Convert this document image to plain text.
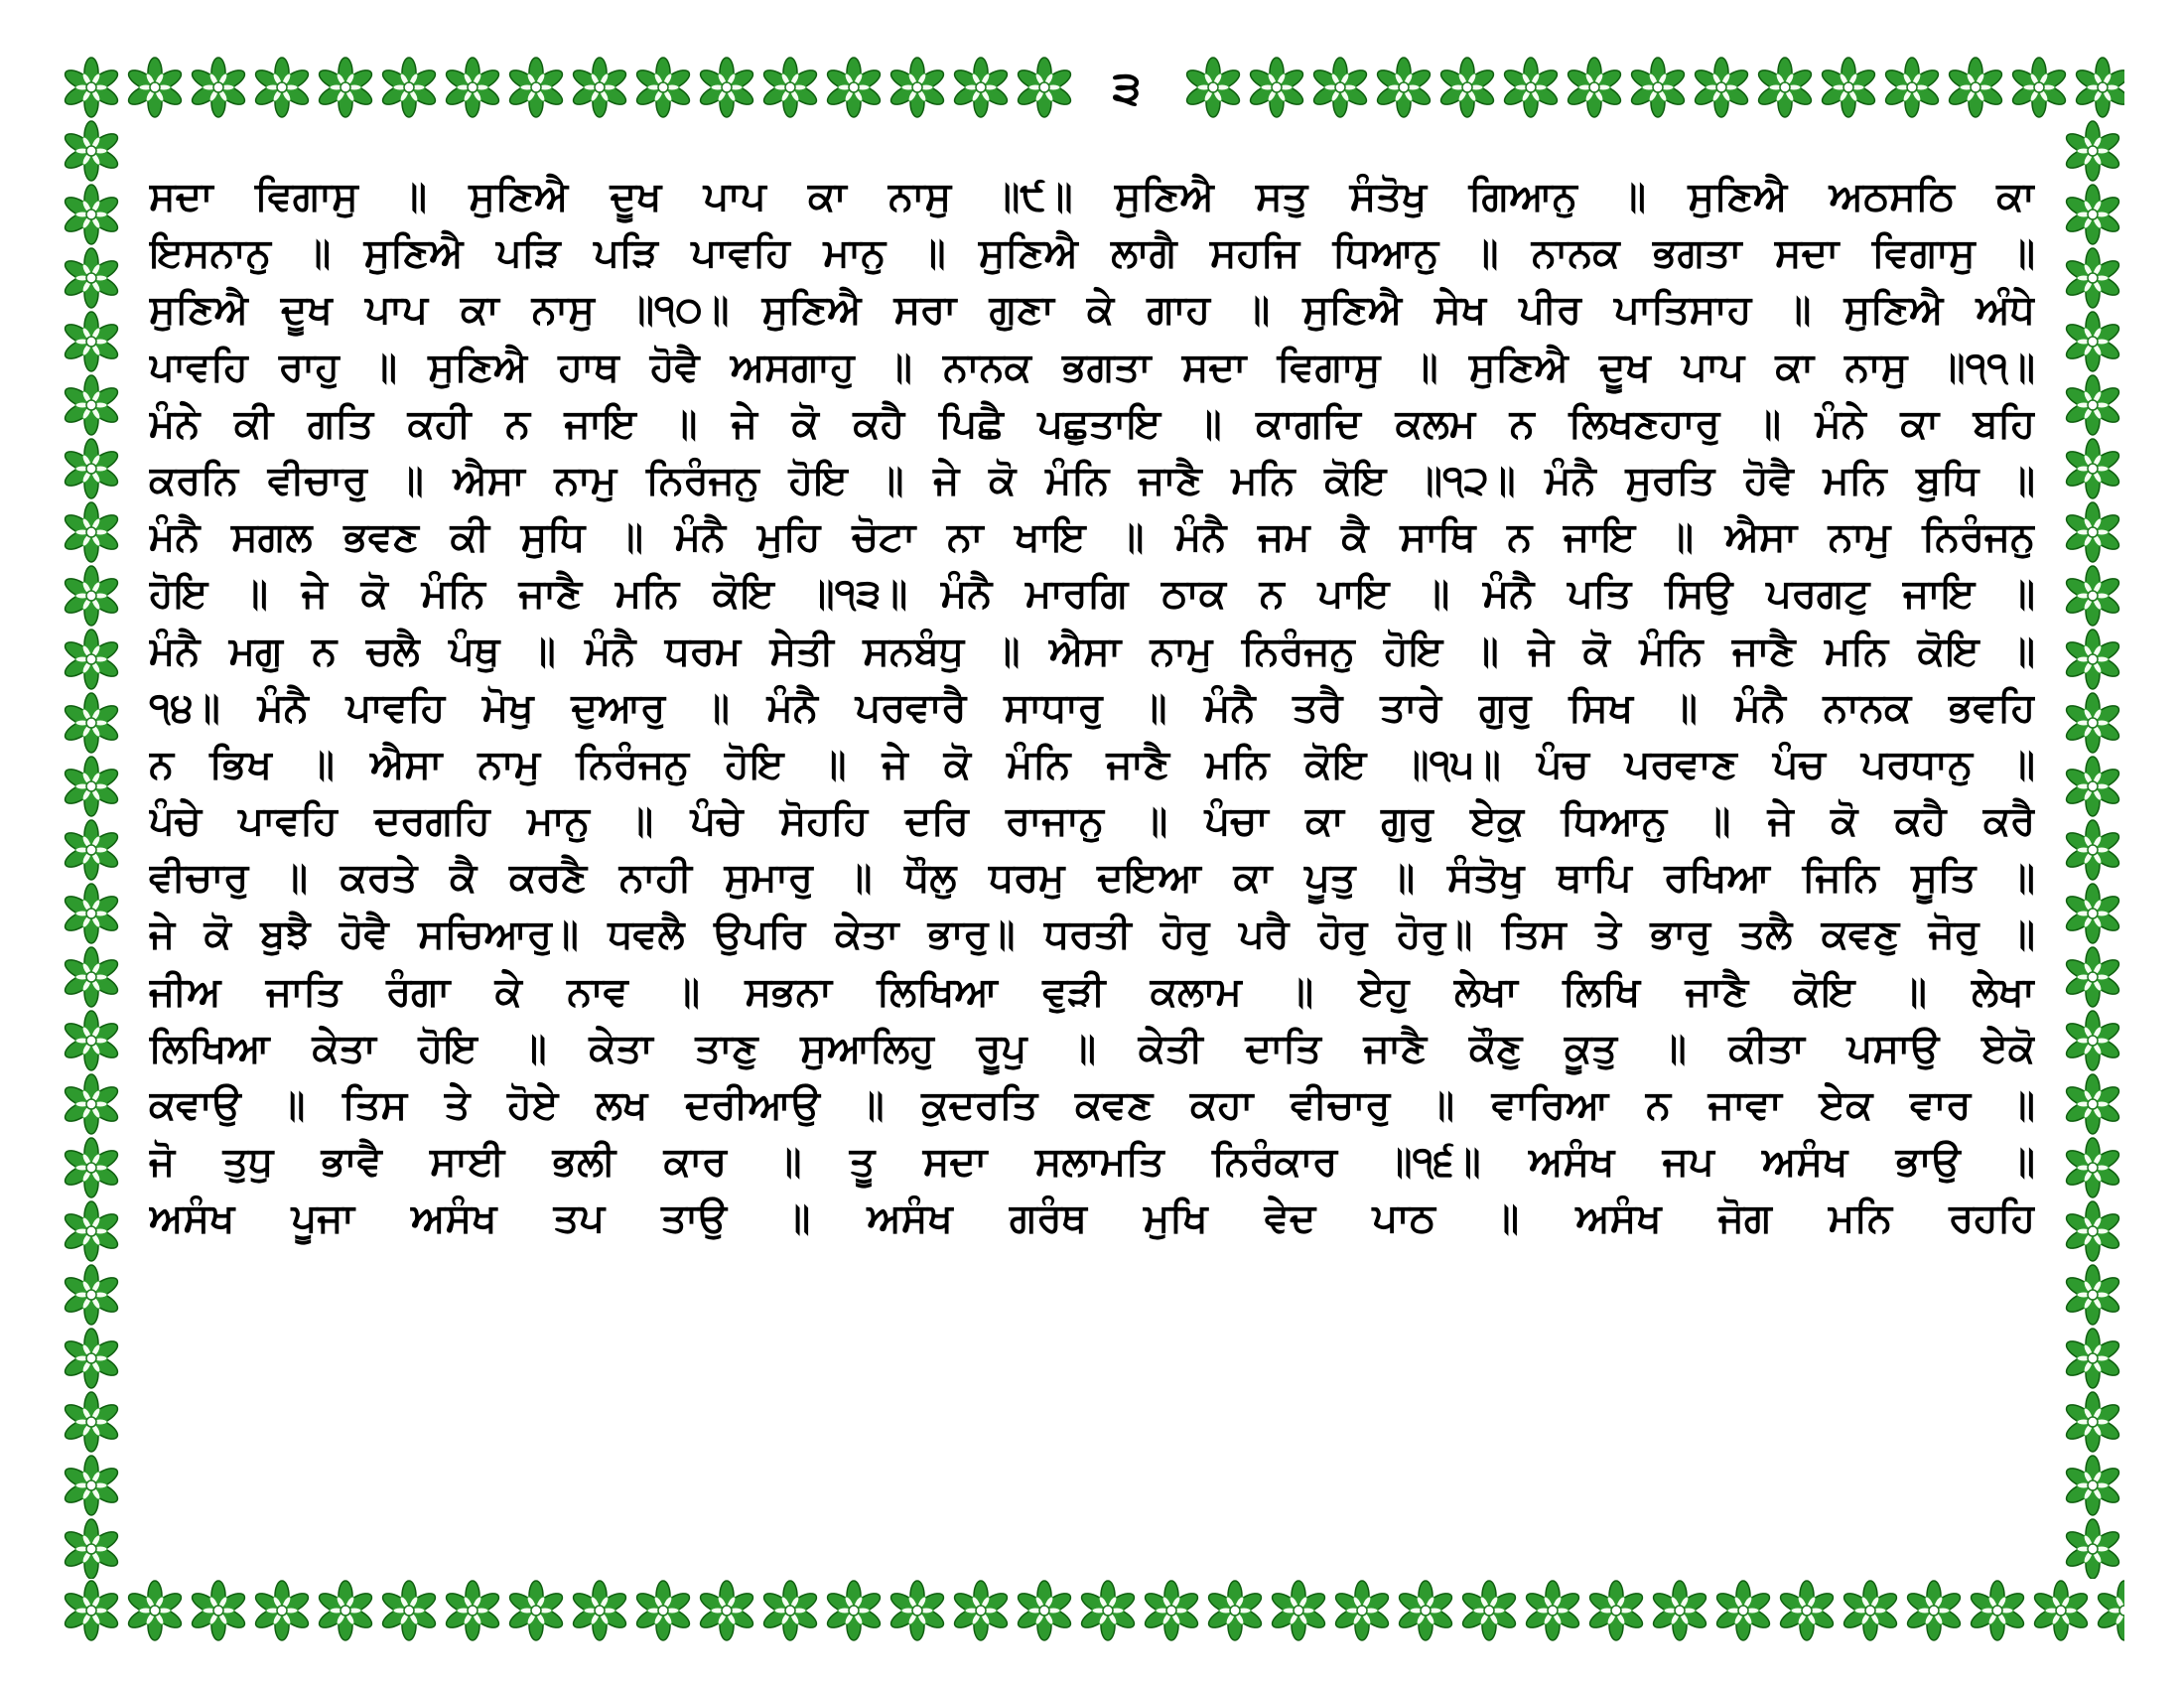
੩
ਸਦਾ ਵਿਗਾਸੁ ॥ ਸੁਣਿਐ ਦੂਖ ਪਾਪ ਕਾ ਨਾਸੁ ॥੯॥ ਸੁਣਿਐ ਸਤੁ ਸੰਤੋਖੁ ਗਿਆਨੁ ॥ ਸੁਣਿਐ ਅਠਸਠਿ ਕਾ
ਇਸਨਾਨੁ ॥ ਸੁਣਿਐ ਪੜਿ ਪੜਿ ਪਾਵਹਿ ਮਾਨੁ ॥ ਸੁਣਿਐ ਲਾਗੈ ਸਹਜਿ ਧਿਆਨੁ ॥ ਨਾਨਕ ਭਗਤਾ ਸਦਾ ਵਿਗਾਸੁ ॥
ਸੁਣਿਐ ਦੂਖ ਪਾਪ ਕਾ ਨਾਸੁ ॥੧੦॥ ਸੁਣਿਐ ਸਰਾ ਗੁਣਾ ਕੇ ਗਾਹ ॥ ਸੁਣਿਐ ਸੇਖ ਪੀਰ ਪਾਤਿਸਾਹ ॥ ਸੁਣਿਐ ਅੰਧੇ
ਪਾਵਹਿ ਰਾਹੁ ॥ ਸੁਣਿਐ ਹਾਥ ਹੋਵੈ ਅਸਗਾਹੁ ॥ ਨਾਨਕ ਭਗਤਾ ਸਦਾ ਵਿਗਾਸੁ ॥ ਸੁਣਿਐ ਦੂਖ ਪਾਪ ਕਾ ਨਾਸੁ ॥੧੧॥
ਮੰਨੇ ਕੀ ਗਤਿ ਕਹੀ ਨ ਜਾਇ ॥ ਜੇ ਕੋ ਕਹੈ ਪਿਛੈ ਪਛੁਤਾਇ ॥ ਕਾਗਦਿ ਕਲਮ ਨ ਲਿਖਣਹਾਰੁ ॥ ਮੰਨੇ ਕਾ ਬਹਿ
ਕਰਨਿ ਵੀਚਾਰੁ ॥ ਐਸਾ ਨਾਮੁ ਨਿਰੰਜਨੁ ਹੋਇ ॥ ਜੇ ਕੋ ਮੰਨਿ ਜਾਣੈ ਮਨਿ ਕੋਇ ॥੧੨॥ ਮੰਨੈ ਸੁਰਤਿ ਹੋਵੈ ਮਨਿ ਬੁਧਿ ॥
ਮੰਨੈ ਸਗਲ ਭਵਣ ਕੀ ਸੁਧਿ ॥ ਮੰਨੈ ਮੁਹਿ ਚੋਟਾ ਨਾ ਖਾਇ ॥ ਮੰਨੈ ਜਮ ਕੈ ਸਾਥਿ ਨ ਜਾਇ ॥ ਐਸਾ ਨਾਮੁ ਨਿਰੰਜਨੁ
ਹੋਇ ॥ ਜੇ ਕੋ ਮੰਨਿ ਜਾਣੈ ਮਨਿ ਕੋਇ ॥੧੩॥ ਮੰਨੈ ਮਾਰਗਿ ਠਾਕ ਨ ਪਾਇ ॥ ਮੰਨੈ ਪਤਿ ਸਿਉ ਪਰਗਟੁ ਜਾਇ ॥
ਮੰਨੈ ਮਗੁ ਨ ਚਲੈ ਪੰਥੁ ॥ ਮੰਨੈ ਧਰਮ ਸੇਤੀ ਸਨਬੰਧੁ ॥ ਐਸਾ ਨਾਮੁ ਨਿਰੰਜਨੁ ਹੋਇ ॥ ਜੇ ਕੋ ਮੰਨਿ ਜਾਣੈ ਮਨਿ ਕੋਇ ॥
੧੪॥ ਮੰਨੈ ਪਾਵਹਿ ਮੋਖੁ ਦੁਆਰੁ ॥ ਮੰਨੈ ਪਰਵਾਰੈ ਸਾਧਾਰੁ ॥ ਮੰਨੈ ਤਰੈ ਤਾਰੇ ਗੁਰੁ ਸਿਖ ॥ ਮੰਨੈ ਨਾਨਕ ਭਵਹਿ
ਨ ਭਿਖ ॥ ਐਸਾ ਨਾਮੁ ਨਿਰੰਜਨੁ ਹੋਇ ॥ ਜੇ ਕੋ ਮੰਨਿ ਜਾਣੈ ਮਨਿ ਕੋਇ ॥੧੫॥ ਪੰਚ ਪਰਵਾਣ ਪੰਚ ਪਰਧਾਨੁ ॥
ਪੰਚੇ ਪਾਵਹਿ ਦਰਗਹਿ ਮਾਨੁ ॥ ਪੰਚੇ ਸੋਹਹਿ ਦਰਿ ਰਾਜਾਨੁ ॥ ਪੰਚਾ ਕਾ ਗੁਰੁ ਏਕੁ ਧਿਆਨੁ ॥ ਜੇ ਕੋ ਕਹੈ ਕਰੈ
ਵੀਚਾਰੁ ॥ ਕਰਤੇ ਕੈ ਕਰਣੈ ਨਾਹੀ ਸੁਮਾਰੁ ॥ ਧੌਲੁ ਧਰਮੁ ਦਇਆ ਕਾ ਪੂਤੁ ॥ ਸੰਤੋਖੁ ਥਾਪਿ ਰਖਿਆ ਜਿਨਿ ਸੂਤਿ ॥
ਜੇ ਕੋ ਬੁਝੈ ਹੋਵੈ ਸਚਿਆਰੁ॥ ਧਵਲੈ ਉਪਰਿ ਕੇਤਾ ਭਾਰੁ॥ ਧਰਤੀ ਹੋਰੁ ਪਰੈ ਹੋਰੁ ਹੋਰੁ॥ ਤਿਸ ਤੇ ਭਾਰੁ ਤਲੈ ਕਵਣੁ ਜੋਰੁ ॥
ਜੀਅ ਜਾਤਿ ਰੰਗਾ ਕੇ ਨਾਵ ॥ ਸਭਨਾ ਲਿਖਿਆ ਵੁੜੀ ਕਲਾਮ ॥ ਏਹੁ ਲੇਖਾ ਲਿਖਿ ਜਾਣੈ ਕੋਇ ॥ ਲੇਖਾ
ਲਿਖਿਆ ਕੇਤਾ ਹੋਇ ॥ ਕੇਤਾ ਤਾਣੁ ਸੁਆਲਿਹੁ ਰੂਪੁ ॥ ਕੇਤੀ ਦਾਤਿ ਜਾਣੈ ਕੌਣੁ ਕੂਤੁ ॥ ਕੀਤਾ ਪਸਾਉ ਏਕੋ
ਕਵਾਉ ॥ ਤਿਸ ਤੇ ਹੋਏ ਲਖ ਦਰੀਆਉ ॥ ਕੁਦਰਤਿ ਕਵਣ ਕਹਾ ਵੀਚਾਰੁ ॥ ਵਾਰਿਆ ਨ ਜਾਵਾ ਏਕ ਵਾਰ ॥
ਜੋ ਤੁਧੁ ਭਾਵੈ ਸਾਈ ਭਲੀ ਕਾਰ ॥ ਤੂ ਸਦਾ ਸਲਾਮਤਿ ਨਿਰੰਕਾਰ ॥੧੬॥ ਅਸੰਖ ਜਪ ਅਸੰਖ ਭਾਉ ॥
ਅਸੰਖ ਪੂਜਾ ਅਸੰਖ ਤਪ ਤਾਉ ॥ ਅਸੰਖ ਗਰੰਥ ਮੁਖਿ ਵੇਦ ਪਾਠ ॥ ਅਸੰਖ ਜੋਗ ਮਨਿ ਰਹਹਿ
